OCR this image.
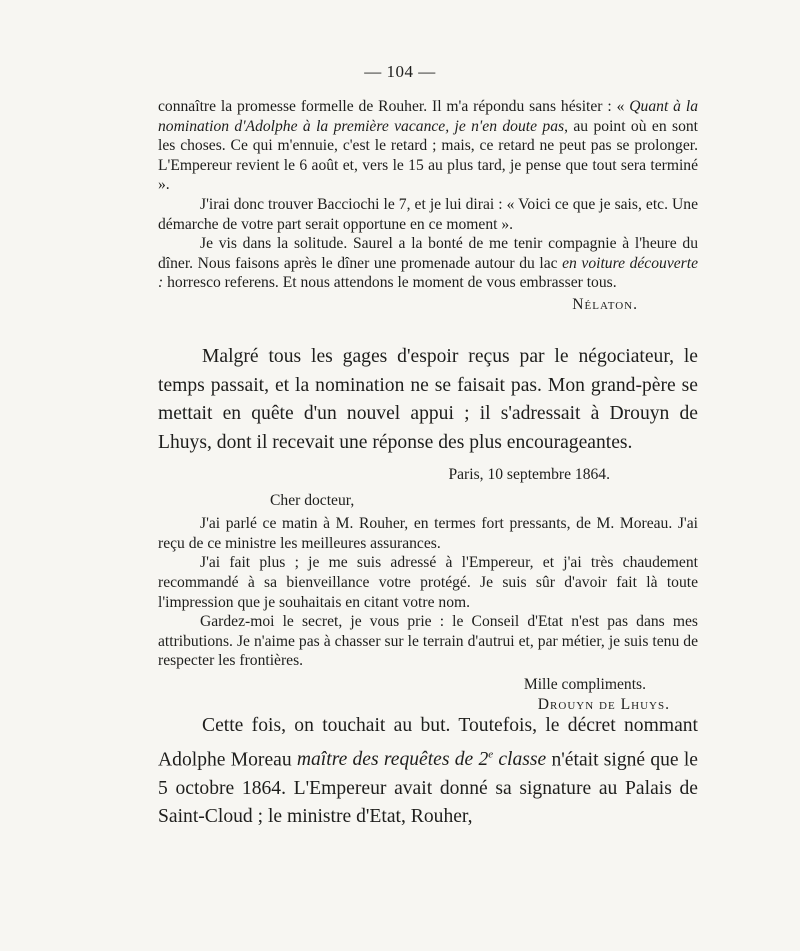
— 104 —

connaître la promesse formelle de Rouher. Il m'a répondu sans hésiter : « Quant à la nomination d'Adolphe à la première vacance, je n'en doute pas, au point où en sont les choses. Ce qui m'ennuie, c'est le retard ; mais, ce retard ne peut pas se prolonger. L'Empereur revient le 6 août et, vers le 15 au plus tard, je pense que tout sera terminé ».

J'irai donc trouver Bacciochi le 7, et je lui dirai : « Voici ce que je sais, etc. Une démarche de votre part serait opportune en ce moment ».

Je vis dans la solitude. Saurel a la bonté de me tenir compagnie à l'heure du dîner. Nous faisons après le dîner une promenade autour du lac en voiture découverte : horresco referens. Et nous attendons le moment de vous embrasser tous.

Nélaton.

Malgré tous les gages d'espoir reçus par le négociateur, le temps passait, et la nomination ne se faisait pas. Mon grand-père se mettait en quête d'un nouvel appui ; il s'adressait à Drouyn de Lhuys, dont il recevait une réponse des plus encourageantes.

Paris, 10 septembre 1864.

Cher docteur,

J'ai parlé ce matin à M. Rouher, en termes fort pressants, de M. Moreau. J'ai reçu de ce ministre les meilleures assurances.

J'ai fait plus ; je me suis adressé à l'Empereur, et j'ai très chaudement recommandé à sa bienveillance votre protégé. Je suis sûr d'avoir fait là toute l'impression que je souhaitais en citant votre nom.

Gardez-moi le secret, je vous prie : le Conseil d'Etat n'est pas dans mes attributions. Je n'aime pas à chasser sur le terrain d'autrui et, par métier, je suis tenu de respecter les frontières.

Mille compliments.

Drouyn de Lhuys.

Cette fois, on touchait au but. Toutefois, le décret nommant Adolphe Moreau maître des requêtes de 2e classe n'était signé que le 5 octobre 1864. L'Empereur avait donné sa signature au Palais de Saint-Cloud ; le ministre d'Etat, Rouher,
